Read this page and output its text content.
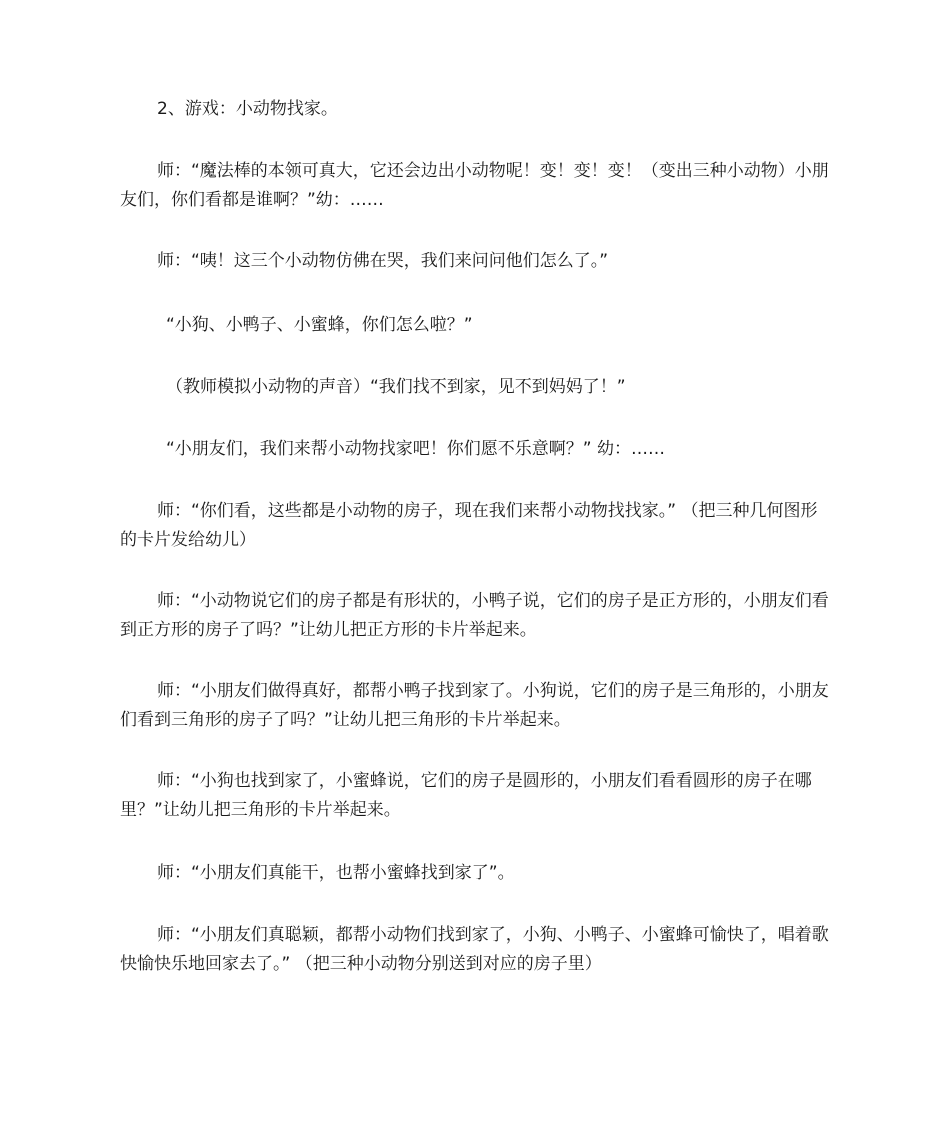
2、游戏：小动物找家。

师：“魔法棒的本领可真大，它还会边出小动物呢！变！变！变！（变出三种小动物）小朋友们，你们看都是谁啊？”幼：……

师：“咦！这三个小动物仿佛在哭，我们来问问他们怎么了。”

“小狗、小鸭子、小蜜蜂，你们怎么啦？”

（教师模拟小动物的声音）“我们找不到家，见不到妈妈了！”

“小朋友们，我们来帮小动物找家吧！你们愿不乐意啊？” 幼：……

师：“你们看，这些都是小动物的房子，现在我们来帮小动物找找家。” （把三种几何图形的卡片发给幼儿）

师：“小动物说它们的房子都是有形状的，小鸭子说，它们的房子是正方形的，小朋友们看到正方形的房子了吗？”让幼儿把正方形的卡片举起来。

师：“小朋友们做得真好，都帮小鸭子找到家了。小狗说，它们的房子是三角形的，小朋友们看到三角形的房子了吗？”让幼儿把三角形的卡片举起来。

师：“小狗也找到家了，小蜜蜂说，它们的房子是圆形的，小朋友们看看圆形的房子在哪里？”让幼儿把三角形的卡片举起来。

师：“小朋友们真能干，也帮小蜜蜂找到家了”。

师：“小朋友们真聪颖，都帮小动物们找到家了，小狗、小鸭子、小蜜蜂可愉快了，唱着歌快愉快乐地回家去了。” （把三种小动物分别送到对应的房子里）
